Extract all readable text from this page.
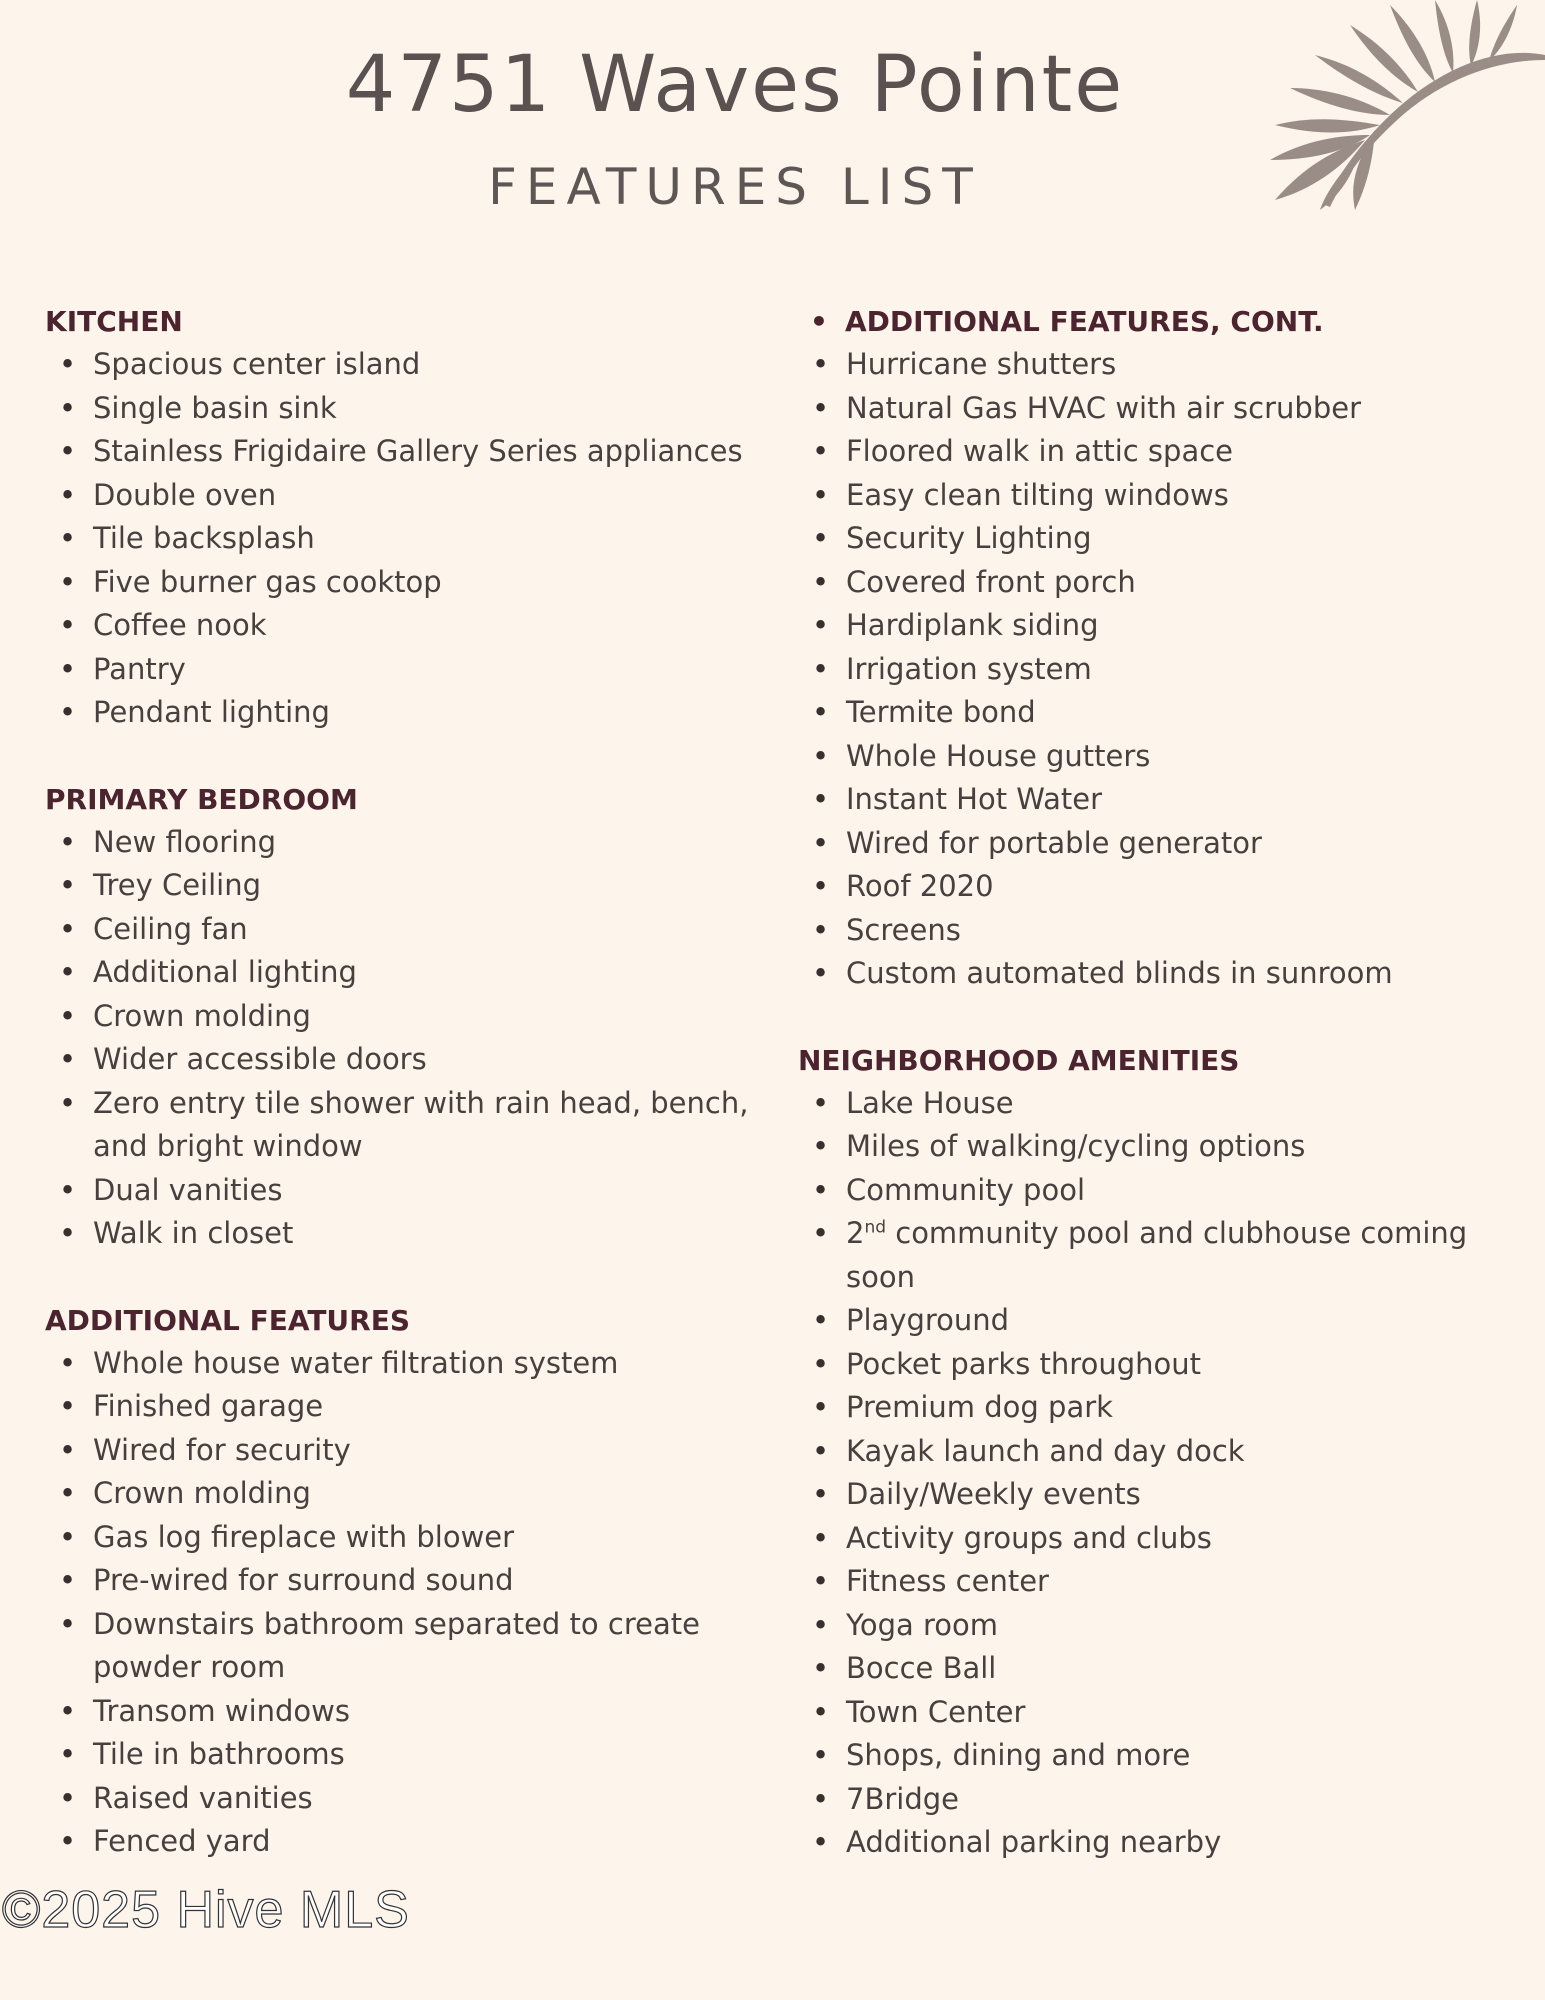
4751 Waves Pointe
FEATURES LIST
KITCHEN
• Spacious center island
• Single basin sink
• Stainless Frigidaire Gallery Series appliances
• Double oven
• Tile backsplash
• Five burner gas cooktop
• Coffee nook
• Pantry
• Pendant lighting
PRIMARY BEDROOM
• New flooring
• Trey Ceiling
• Ceiling fan
• Additional lighting
• Crown molding
• Wider accessible doors
• Zero entry tile shower with rain head, bench, and bright window
• Dual vanities
• Walk in closet
ADDITIONAL FEATURES
• Whole house water filtration system
• Finished garage
• Wired for security
• Crown molding
• Gas log fireplace with blower
• Pre-wired for surround sound
• Downstairs bathroom separated to create powder room
• Transom windows
• Tile in bathrooms
• Raised vanities
• Fenced yard
• ADDITIONAL FEATURES, CONT.
• Hurricane shutters
• Natural Gas HVAC with air scrubber
• Floored walk in attic space
• Easy clean tilting windows
• Security Lighting
• Covered front porch
• Hardiplank siding
• Irrigation system
• Termite bond
• Whole House gutters
• Instant Hot Water
• Wired for portable generator
• Roof 2020
• Screens
• Custom automated blinds in sunroom
NEIGHBORHOOD AMENITIES
• Lake House
• Miles of walking/cycling options
• Community pool
• 2nd community pool and clubhouse coming soon
• Playground
• Pocket parks throughout
• Premium dog park
• Kayak launch and day dock
• Daily/Weekly events
• Activity groups and clubs
• Fitness center
• Yoga room
• Bocce Ball
• Town Center
• Shops, dining and more
• 7Bridge
• Additional parking nearby
©2025 Hive MLS
